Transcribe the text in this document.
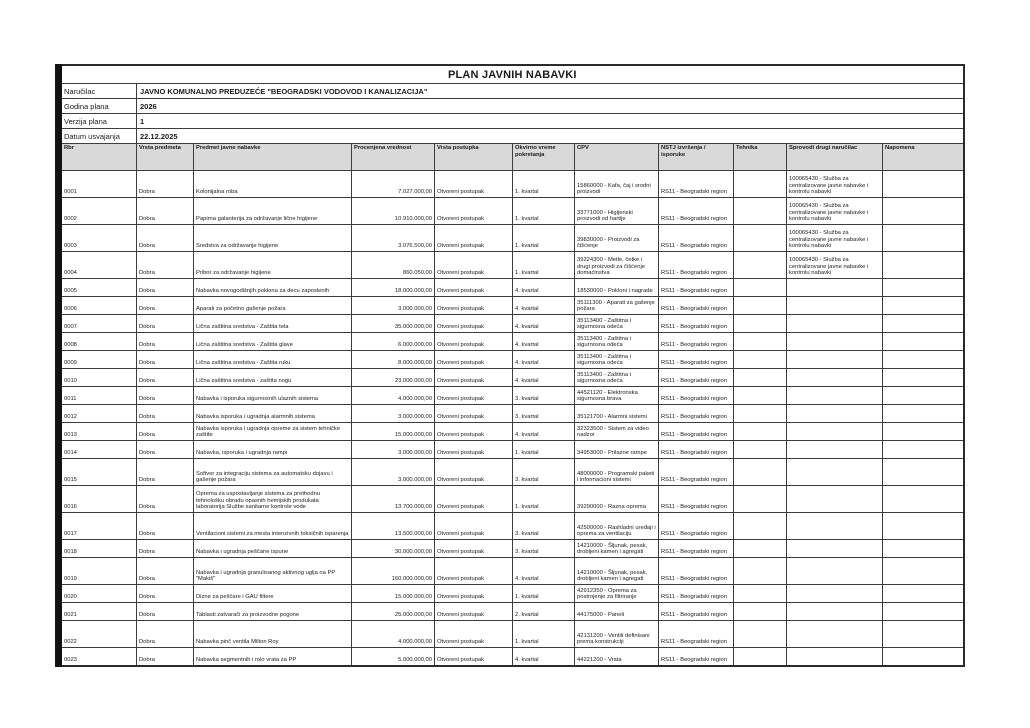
PLAN JAVNIH NABAVKI										
Naručilac	JAVNO KOMUNALNO PREDUZEĆE "BEOGRADSKI VODOVOD I KANALIZACIJA"									
Godina plana	2026									
Verzija plana	1									
Datum usvajanja	22.12.2025									
Rbr	Vrsta predmeta	Predmet javne nabavke	Procenjena vrednost	Vrsta postupka	Okvirno vreme pokretanja	CPV	NSTJ izvršenja / isporuke	Tehnika	Sprovodi drugi naručilac	Napomena
0001	Dobra	Kolonijalna roba	7.027.000,00	Otvoreni postupak	1. kvartal	15860000 - Kafa, čaj i srodni proizvodi	RS11 - Beogradski region		100065430 - Služba za centralizovane javne nabavke i kontrolu nabavki	
0002	Dobra	Papirna galanterija za održavanje lične higijene	10.910.000,00	Otvoreni postupak	1. kvartal	33771000 - Higijenski proizvodi od hartije	RS11 - Beogradski region		100065430 - Služba za centralizovane javne nabavke i kontrolu nabavki	
0003	Dobra	Sredstva za održavanje higijene	3.076.500,00	Otvoreni postupak	1. kvartal	39830000 - Proizvodi za čišćenje	RS11 - Beogradski region		100065430 - Služba za centralizovane javne nabavke i kontrolu nabavki	
0004	Dobra	Pribor za održavanje higijene	860.050,00	Otvoreni postupak	1. kvartal	39224300 - Metle, četke i drugi proizvodi za čišćenje domaćinstva	RS11 - Beogradski region		100065430 - Služba za centralizovane javne nabavke i kontrolu nabavki	
0005	Dobra	Nabavka novogodišnjih poklona za decu zaposlenih	18.000.000,00	Otvoreni postupak	4. kvartal	18530000 - Pokloni i nagrade	RS11 - Beogradski region			
0006	Dobra	Aparati za početno gašenje požara	3.000.000,00	Otvoreni postupak	4. kvartal	35111300 - Aparati za gašenje požara	RS11 - Beogradski region			
0007	Dobra	Lična zaštitna sredstva - Zaštita tela	35.000.000,00	Otvoreni postupak	4. kvartal	35113400 - Zaštitna i sigurnosna odeća	RS11 - Beogradski region			
0008	Dobra	Lična zaštitna sredstva - Zaštita glave	6.000.000,00	Otvoreni postupak	4. kvartal	35113400 - Zaštitna i sigurnosna odeća	RS11 - Beogradski region			
0009	Dobra	Lična zaštitna sredstva - Zaštita ruku	8.000.000,00	Otvoreni postupak	4. kvartal	35113400 - Zaštitna i sigurnosna odeća	RS11 - Beogradski region			
0010	Dobra	Lična zaštitna sredstva - zaštita nogu	23.000.000,00	Otvoreni postupak	4. kvartal	35113400 - Zaštitna i sigurnosna odeća	RS11 - Beogradski region			
0011	Dobra	Nabavka i isporuka sigurnosnih ulaznih sistema	4.000.000,00	Otvoreni postupak	3. kvartal	44521120 - Elektronska sigurnosna brava	RS11 - Beogradski region			
0012	Dobra	Nabavka isporuka i ugradnja alarmnih sistema	3.000.000,00	Otvoreni postupak	3. kvartal	35121700 - Alarmni sistemi	RS11 - Beogradski region			
0013	Dobra	Nabavka isporuka i ugradnja opreme za sistem tehničke zaštite	15.000.000,00	Otvoreni postupak	4. kvartal	32323500 - Sistem za video nadzor	RS11 - Beogradski region			
0014	Dobra	Nabavka, isporuka i ugradnja rampi	3.000.000,00	Otvoreni postupak	1. kvartal	34953000 - Prilazne rampe	RS11 - Beogradski region			
0015	Dobra	Softver za integraciju sistema za automatsku dojavu i gašenje požara	3.000.000,00	Otvoreni postupak	3. kvartal	48000000 - Programski paketi i informacioni sistemi	RS11 - Beogradski region			
0016	Dobra	Oprema za uspostavljanje sistema za prethodnu tehnološku obradu opasnih hemijskih produkata laboratorija Službe sanitarne kontrole vode	13.700.000,00	Otvoreni postupak	1. kvartal	39290000 - Razna oprema	RS11 - Beogradski region			
0017	Dobra	Ventilacioni sistemi za mesta intenzivnih toksičnih isparenja	13.500.000,00	Otvoreni postupak	3. kvartal	42500000 - Rashladni uređaji i oprema za ventilaciju	RS11 - Beogradski region			
0018	Dobra	Nabavka i ugradnja peščane ispune	30.000.000,00	Otvoreni postupak	3. kvartal	14210000 - Šljunak, pesak, drobljeni kamen i agregati	RS11 - Beogradski region			
0019	Dobra	Nabavka i ugradnja granulisanog aktivnog uglja na PP "Makiš"	160.000.000,00	Otvoreni postupak	4. kvartal	14210000 - Šljunak, pesak, drobljeni kamen i agregati	RS11 - Beogradski region			
0020	Dobra	Dizne za peščare i GAU filtere	15.000.000,00	Otvoreni postupak	1. kvartal	42912350 - Oprema za postrojenje za filtriranje	RS11 - Beogradski region			
0021	Dobra	Tablasti zatvarači za proizvodne pogone	25.000.000,00	Otvoreni postupak	2. kvartal	44175000 - Paneli	RS11 - Beogradski region			
0022	Dobra	Nabavka pinč ventila Milton Roy	4.000.000,00	Otvoreni postupak	1. kvartal	42131200 - Ventili definisani prema konstrukciji	RS11 - Beogradski region			
0023	Dobra	Nabavka segmentnih i rolo vrata za PP	5.000.000,00	Otvoreni postupak	4. kvartal	44221200 - Vrata	RS11 - Beogradski region			
